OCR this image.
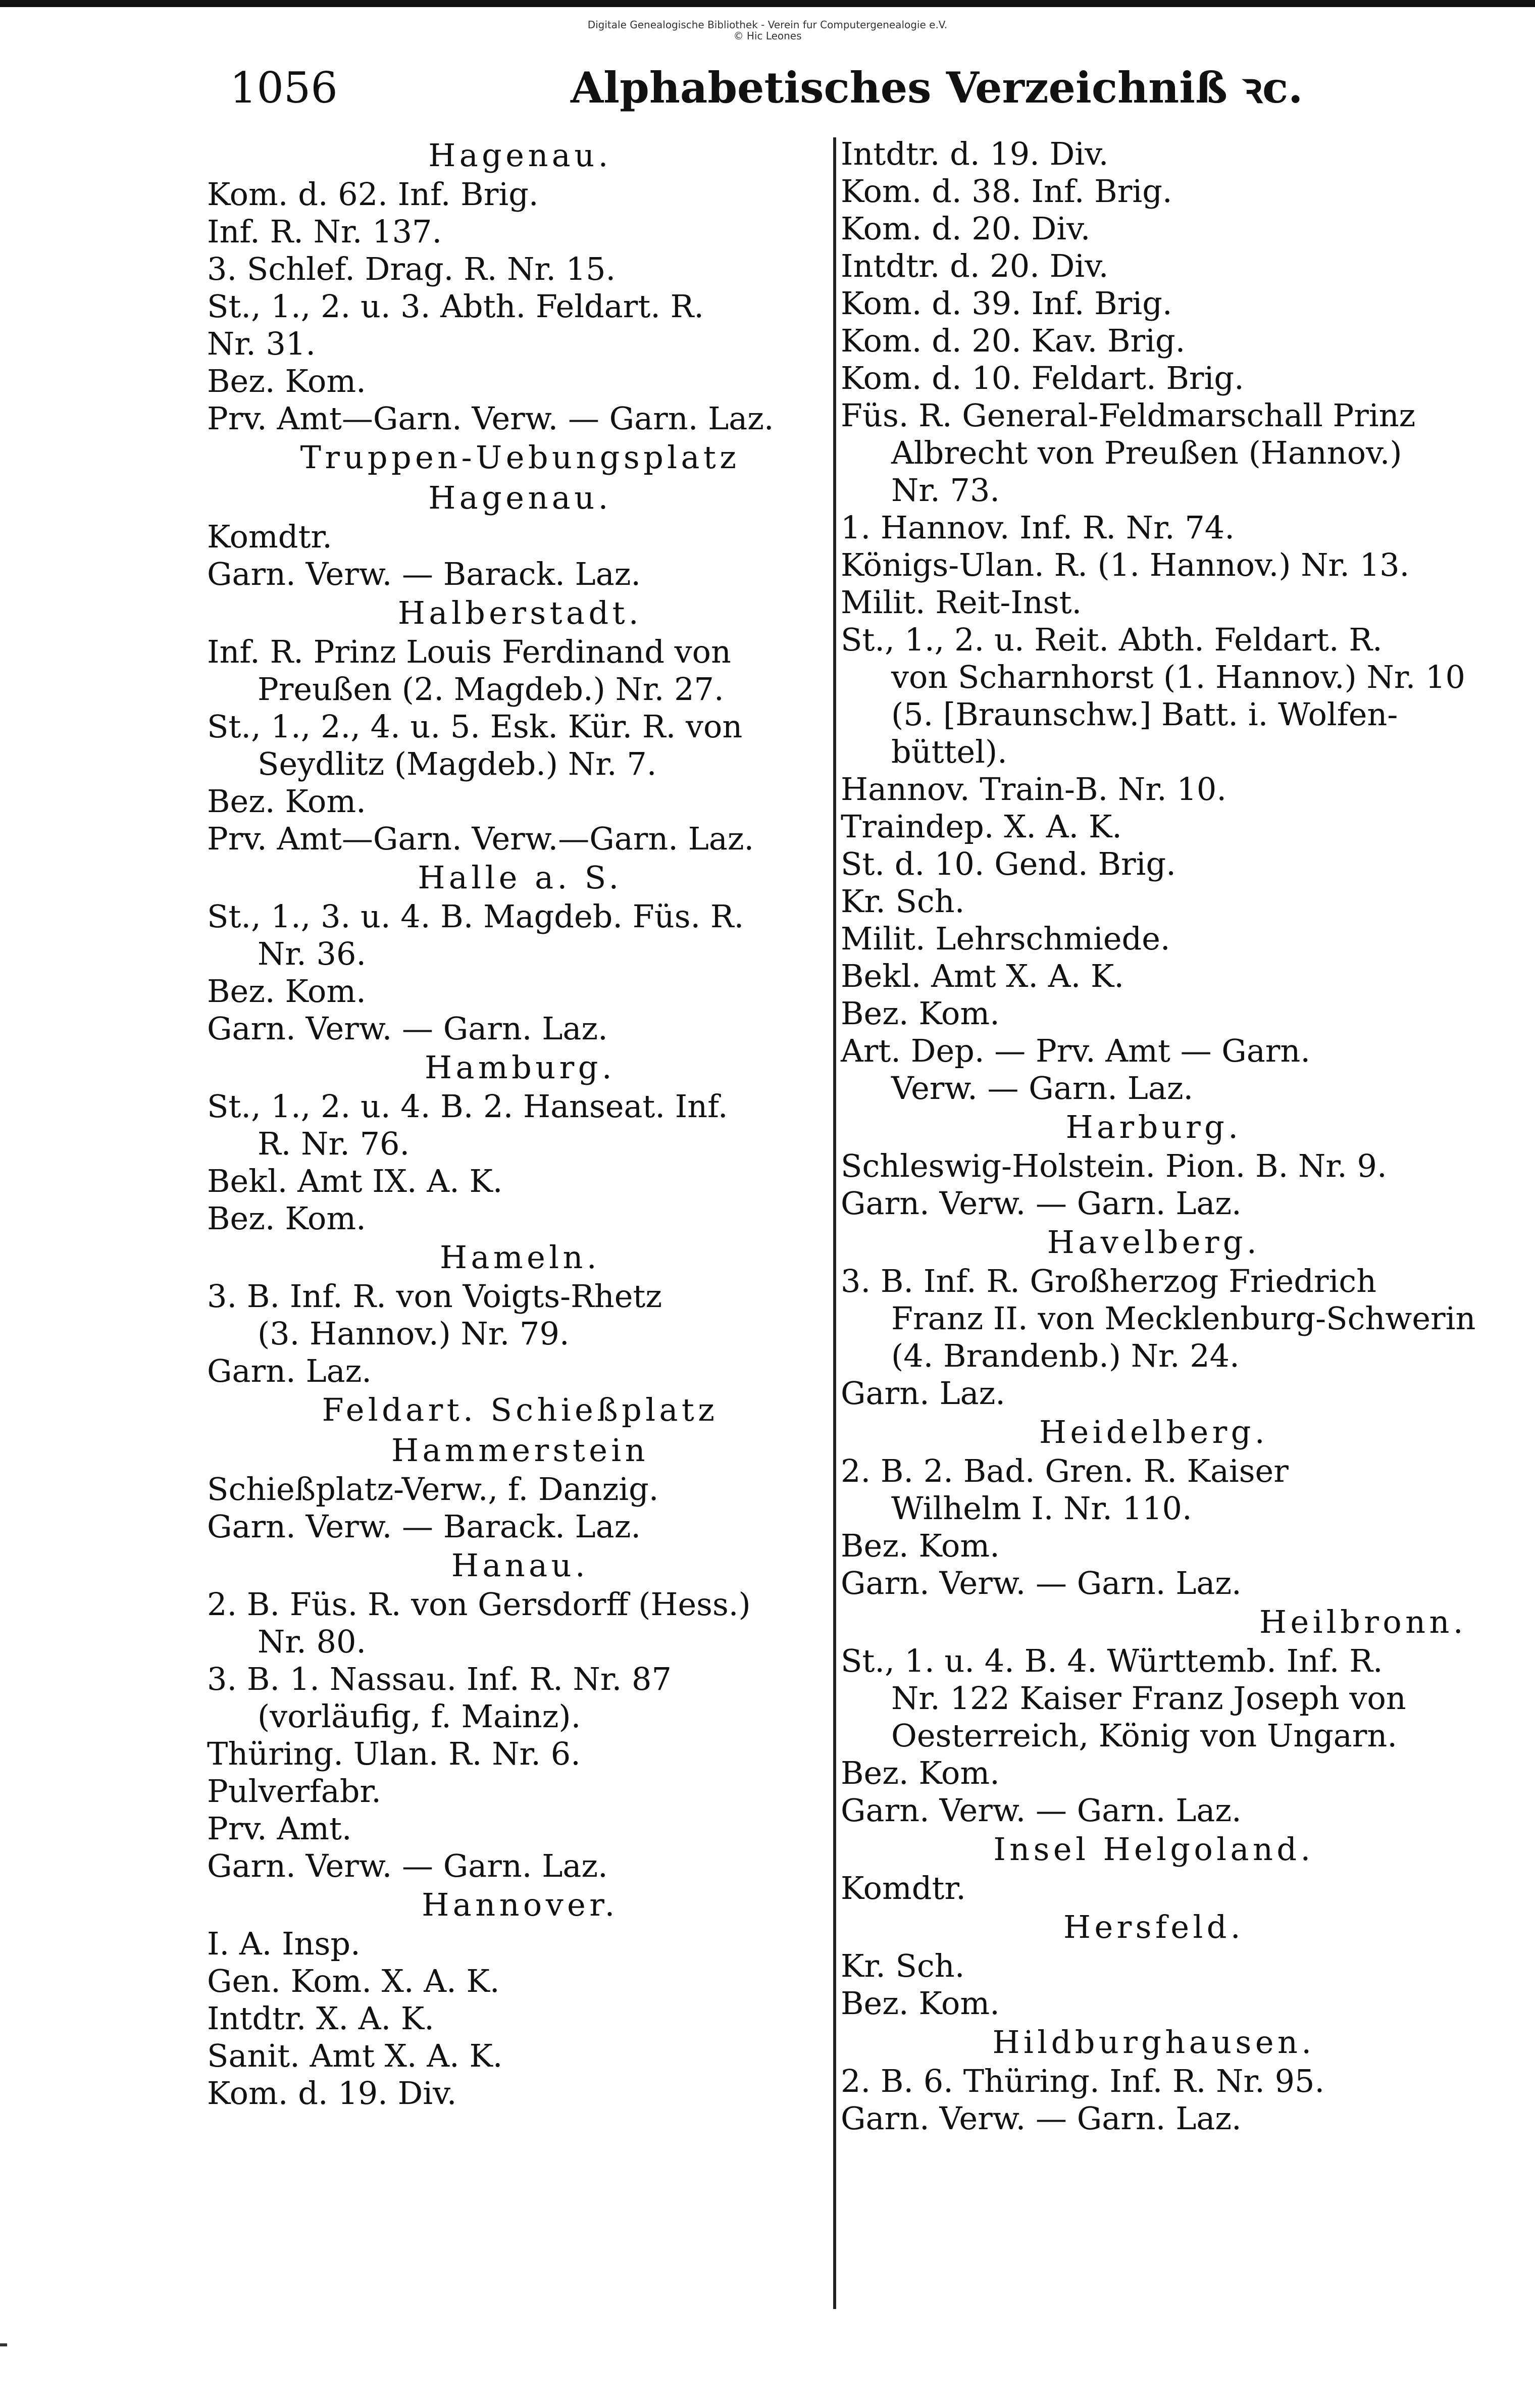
Digitale Genealogische Bibliothek - Verein fur Computergenealogie e.V.
© Hic Leones
1056	Alphabetisches Verzeichniß ꝛc.
Hagenau.
Kom. d. 62. Inf. Brig.
Inf. R. Nr. 137.
3. Schlef. Drag. R. Nr. 15.
St., 1., 2. u. 3. Abth. Feldart. R.
Nr. 31.
Bez. Kom.
Prv. Amt—Garn. Verw. — Garn. Laz.
Truppen-Uebungsplatz
Hagenau.
Komdtr.
Garn. Verw. — Barack. Laz.
Halberstadt.
Inf. R. Prinz Louis Ferdinand von
Preußen (2. Magdeb.) Nr. 27.
St., 1., 2., 4. u. 5. Esk. Kür. R. von
Seydlitz (Magdeb.) Nr. 7.
Bez. Kom.
Prv. Amt—Garn. Verw.—Garn. Laz.
Halle a. S.
St., 1., 3. u. 4. B. Magdeb. Füs. R.
Nr. 36.
Bez. Kom.
Garn. Verw. — Garn. Laz.
Hamburg.
St., 1., 2. u. 4. B. 2. Hanseat. Inf.
R. Nr. 76.
Bekl. Amt IX. A. K.
Bez. Kom.
Hameln.
3. B. Inf. R. von Voigts-Rhetz
(3. Hannov.) Nr. 79.
Garn. Laz.
Feldart. Schießplatz
Hammerstein
Schießplatz-Verw., f. Danzig.
Garn. Verw. — Barack. Laz.
Hanau.
2. B. Füs. R. von Gersdorff (Hess.)
Nr. 80.
3. B. 1. Nassau. Inf. R. Nr. 87
(vorläufig, f. Mainz).
Thüring. Ulan. R. Nr. 6.
Pulverfabr.
Prv. Amt.
Garn. Verw. — Garn. Laz.
Hannover.
I. A. Insp.
Gen. Kom. X. A. K.
Intdtr. X. A. K.
Sanit. Amt X. A. K.
Kom. d. 19. Div.
Intdtr. d. 19. Div.
Kom. d. 38. Inf. Brig.
Kom. d. 20. Div.
Intdtr. d. 20. Div.
Kom. d. 39. Inf. Brig.
Kom. d. 20. Kav. Brig.
Kom. d. 10. Feldart. Brig.
Füs. R. General-Feldmarschall Prinz
Albrecht von Preußen (Hannov.)
Nr. 73.
1. Hannov. Inf. R. Nr. 74.
Königs-Ulan. R. (1. Hannov.) Nr. 13.
Milit. Reit-Inst.
St., 1., 2. u. Reit. Abth. Feldart. R.
von Scharnhorst (1. Hannov.) Nr. 10
(5. [Braunschw.] Batt. i. Wolfen-
büttel).
Hannov. Train-B. Nr. 10.
Traindep. X. A. K.
St. d. 10. Gend. Brig.
Kr. Sch.
Milit. Lehrschmiede.
Bekl. Amt X. A. K.
Bez. Kom.
Art. Dep. — Prv. Amt — Garn.
Verw. — Garn. Laz.
Harburg.
Schleswig-Holstein. Pion. B. Nr. 9.
Garn. Verw. — Garn. Laz.
Havelberg.
3. B. Inf. R. Großherzog Friedrich
Franz II. von Mecklenburg-Schwerin
(4. Brandenb.) Nr. 24.
Garn. Laz.
Heidelberg.
2. B. 2. Bad. Gren. R. Kaiser
Wilhelm I. Nr. 110.
Bez. Kom.
Garn. Verw. — Garn. Laz.
Heilbronn.
St., 1. u. 4. B. 4. Württemb. Inf. R.
Nr. 122 Kaiser Franz Joseph von
Oesterreich, König von Ungarn.
Bez. Kom.
Garn. Verw. — Garn. Laz.
Insel Helgoland.
Komdtr.
Hersfeld.
Kr. Sch.
Bez. Kom.
Hildburghausen.
2. B. 6. Thüring. Inf. R. Nr. 95.
Garn. Verw. — Garn. Laz.
